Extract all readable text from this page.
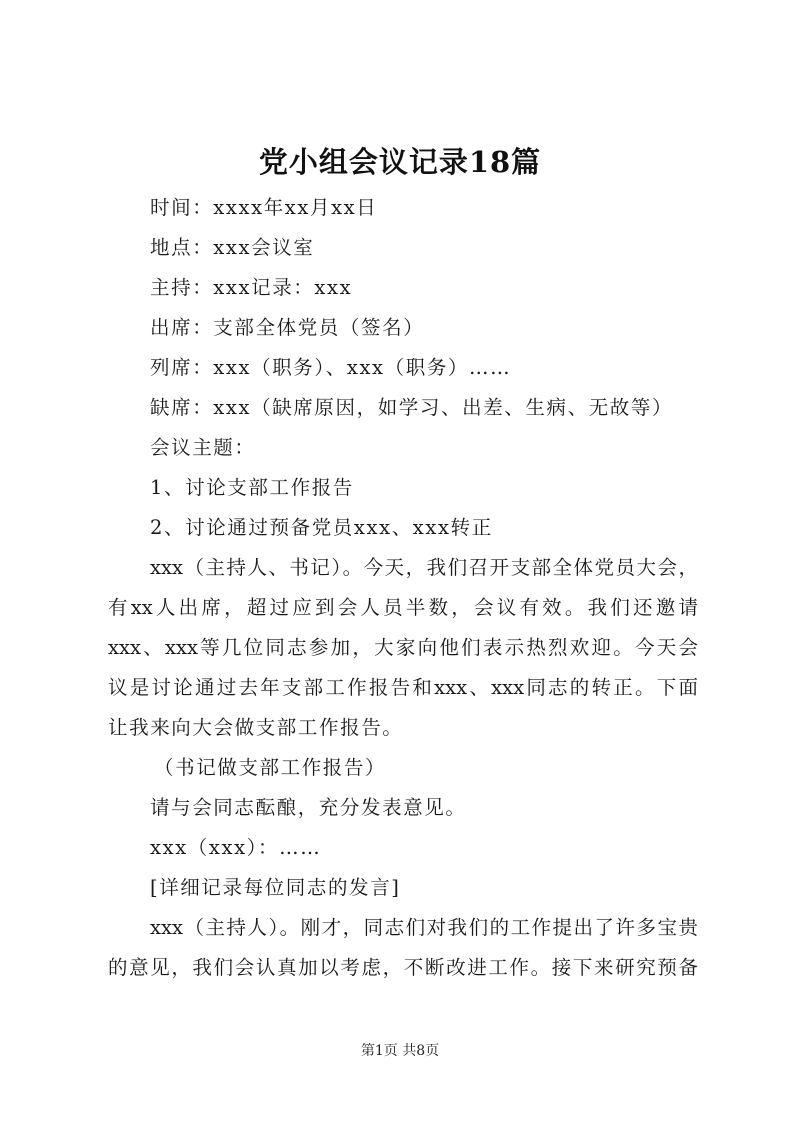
党小组会议记录18篇
时间：xxxx年xx月xx日
地点：xxx会议室
主持：xxx记录：xxx
出席：支部全体党员（签名）
列席：xxx（职务）、xxx（职务）……
缺席：xxx（缺席原因，如学习、出差、生病、无故等）
会议主题：
1、讨论支部工作报告
2、讨论通过预备党员xxx、xxx转正
xxx（主持人、书记）。今天，我们召开支部全体党员大会，
有xx人出席，超过应到会人员半数，会议有效。我们还邀请
xxx、xxx等几位同志参加，大家向他们表示热烈欢迎。今天会
议是讨论通过去年支部工作报告和xxx、xxx同志的转正。下面
让我来向大会做支部工作报告。
（书记做支部工作报告）
请与会同志酝酿，充分发表意见。
xxx（xxx）：……
[详细记录每位同志的发言]
xxx（主持人）。刚才，同志们对我们的工作提出了许多宝贵
的意见，我们会认真加以考虑，不断改进工作。接下来研究预备
第1页 共8页
